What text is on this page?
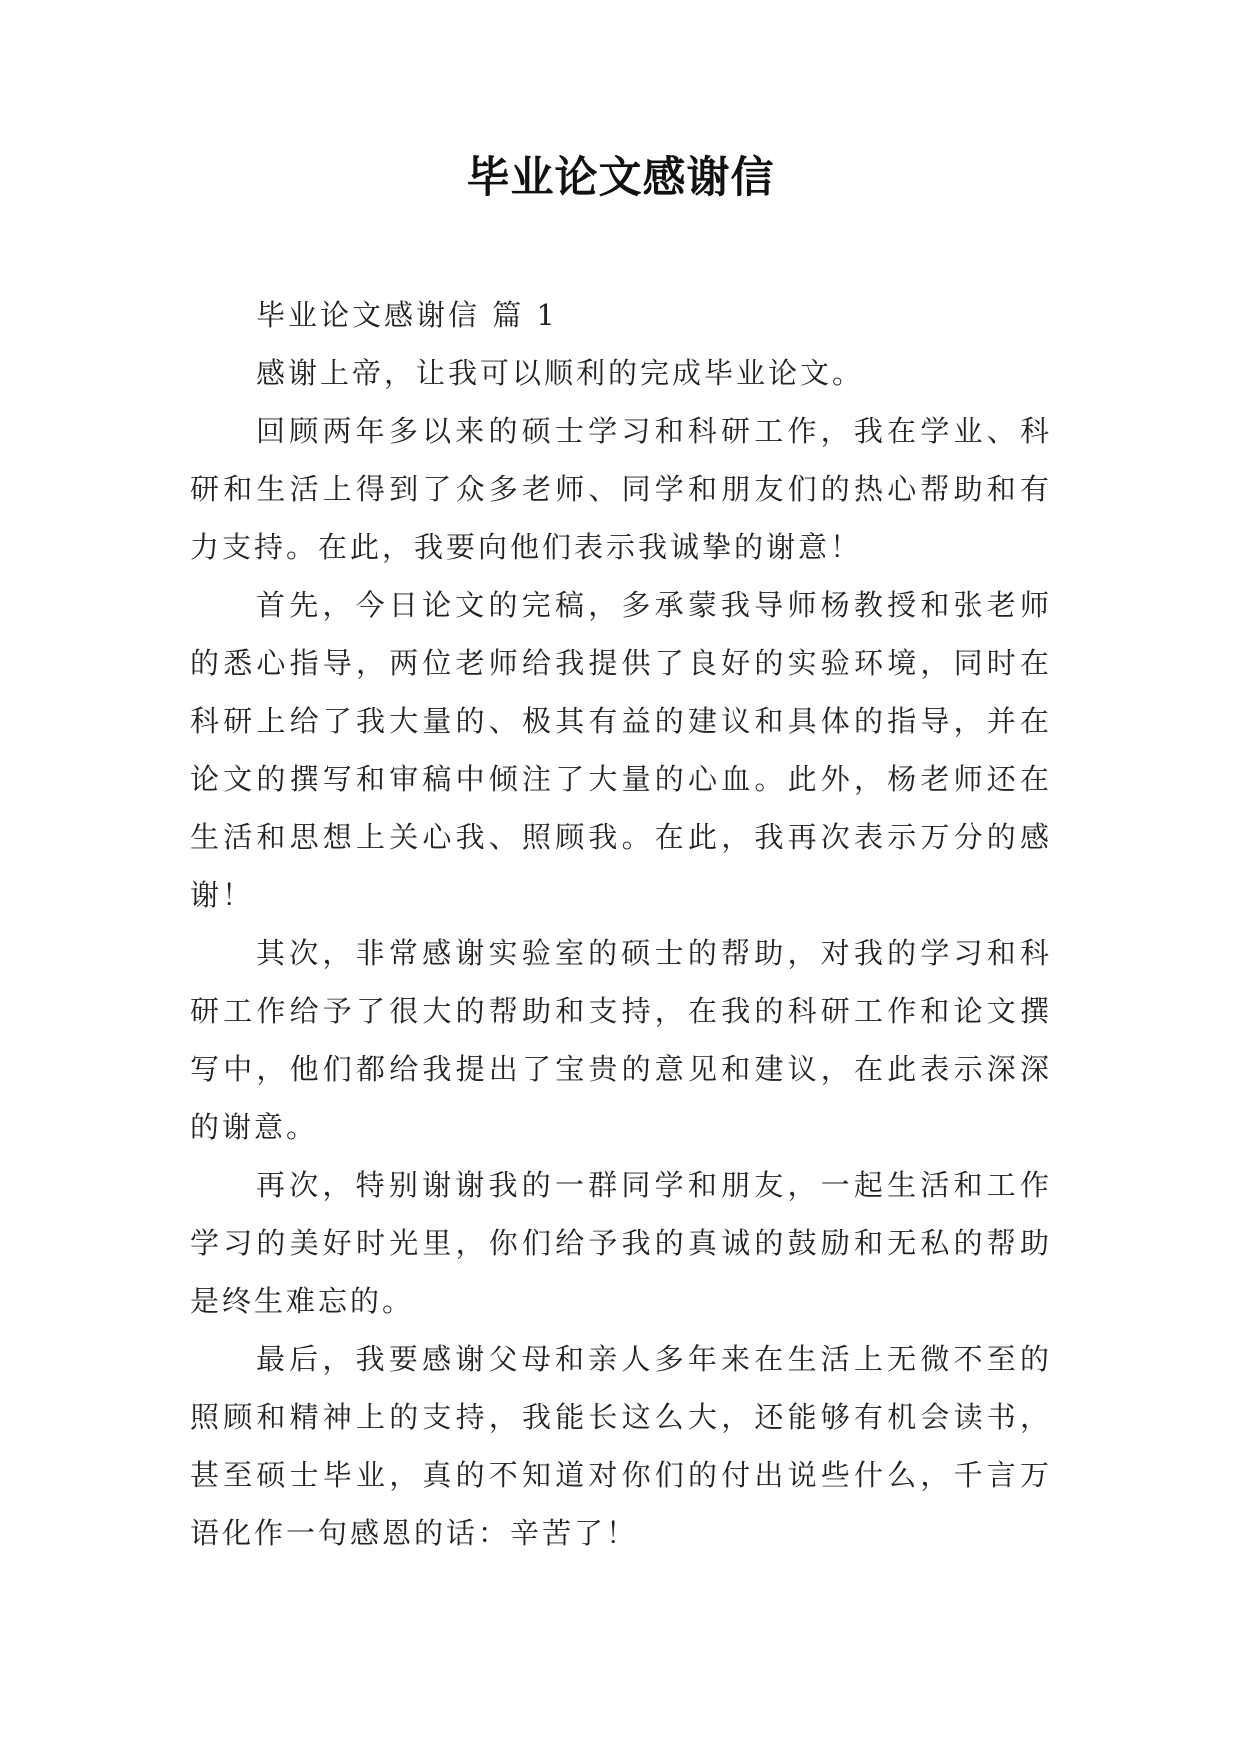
毕业论文感谢信

毕业论文感谢信 篇 1

感谢上帝，让我可以顺利的完成毕业论文。

回顾两年多以来的硕士学习和科研工作，我在学业、科研和生活上得到了众多老师、同学和朋友们的热心帮助和有力支持。在此，我要向他们表示我诚挚的谢意！

首先，今日论文的完稿，多承蒙我导师杨教授和张老师的悉心指导，两位老师给我提供了良好的实验环境，同时在科研上给了我大量的、极其有益的建议和具体的指导，并在论文的撰写和审稿中倾注了大量的心血。此外，杨老师还在生活和思想上关心我、照顾我。在此，我再次表示万分的感谢！

其次，非常感谢实验室的硕士的帮助，对我的学习和科研工作给予了很大的帮助和支持，在我的科研工作和论文撰写中，他们都给我提出了宝贵的意见和建议，在此表示深深的谢意。

再次，特别谢谢我的一群同学和朋友，一起生活和工作学习的美好时光里，你们给予我的真诚的鼓励和无私的帮助是终生难忘的。

最后，我要感谢父母和亲人多年来在生活上无微不至的照顾和精神上的支持，我能长这么大，还能够有机会读书，甚至硕士毕业，真的不知道对你们的付出说些什么，千言万语化作一句感恩的话：辛苦了！
